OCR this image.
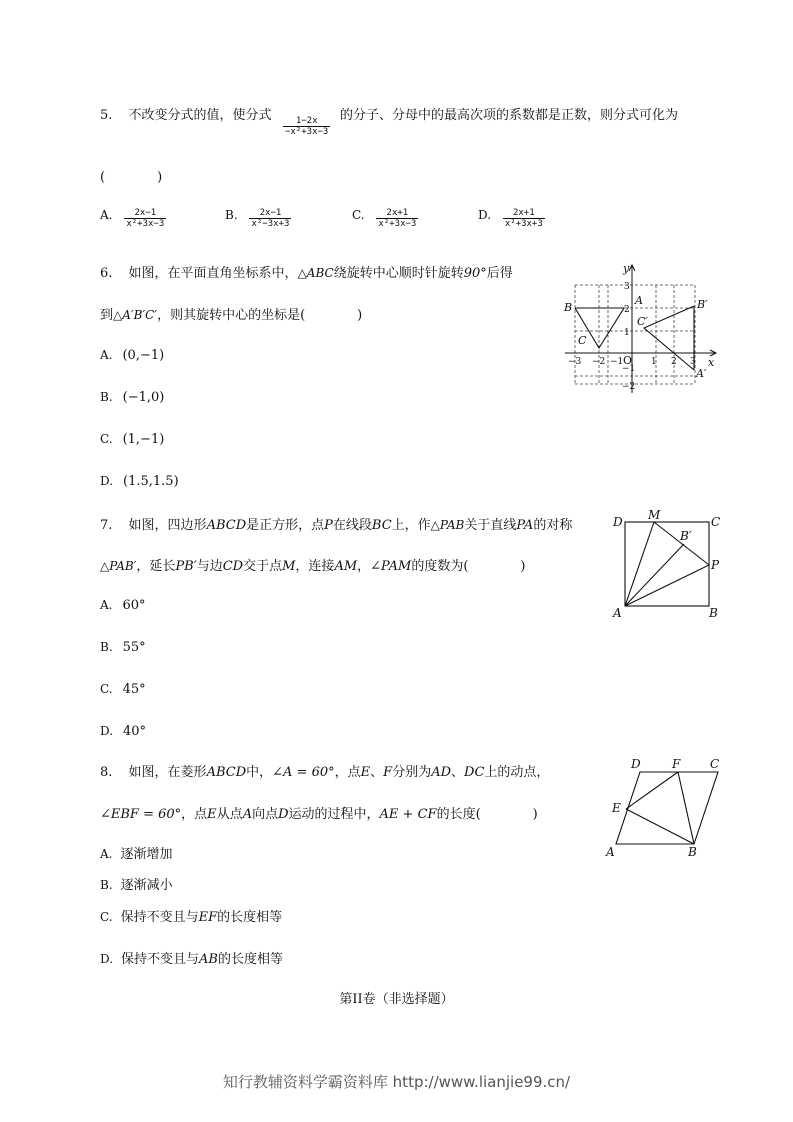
5. 不改变分式的值，使分式
$\frac{1-2x}{\text{−x²+3x−3}}$
的分子、分母中的最高次项的系数都是正数，则分式可化为
(　　　　)
A. $\frac{2x-1}{\text{x²+3x−3}}$	B. $\frac{2x-1}{\text{x²−3x+3}}$	C. $\frac{2x+1}{\text{x²+3x−3}}$	D. $\frac{2x+1}{\text{x²+3x+3}}$
6. 如图，在平面直角坐标系中，△ABC绕旋转中心顺时针旋转90°后得
到△A′B′C′，则其旋转中心的坐标是(　　　　)
A. (0,−1)
B. (−1,0)
C. (1,−1)
D. (1.5,1.5)
B
A
C
B′
C′
A′
y
x
O
−3 −2 −1	1 2 3
3
2
1
−1
−2
7. 如图，四边形ABCD是正方形，点P在线段BC上，作△PAB关于直线PA的对称
△PAB′，延长PB′与边CD交于点M，连接AM，∠PAM的度数为(　　　　)
A. 60°
B. 55°
C. 45°
D. 40°
D M	C
B′
P
A	B
8. 如图，在菱形ABCD中，∠A = 60°，点E、F分别为AD、DC上的动点，
∠EBF = 60°，点E从点A向点D运动的过程中，AE + CF的长度(　　　　)
A. 逐渐增加
B. 逐渐减小
C. 保持不变且与EF的长度相等
D. 保持不变且与AB的长度相等
D	F C
E
A	B
第II卷（非选择题）
知行教辅资料学霸资料库 http://www.lianjie99.cn/
